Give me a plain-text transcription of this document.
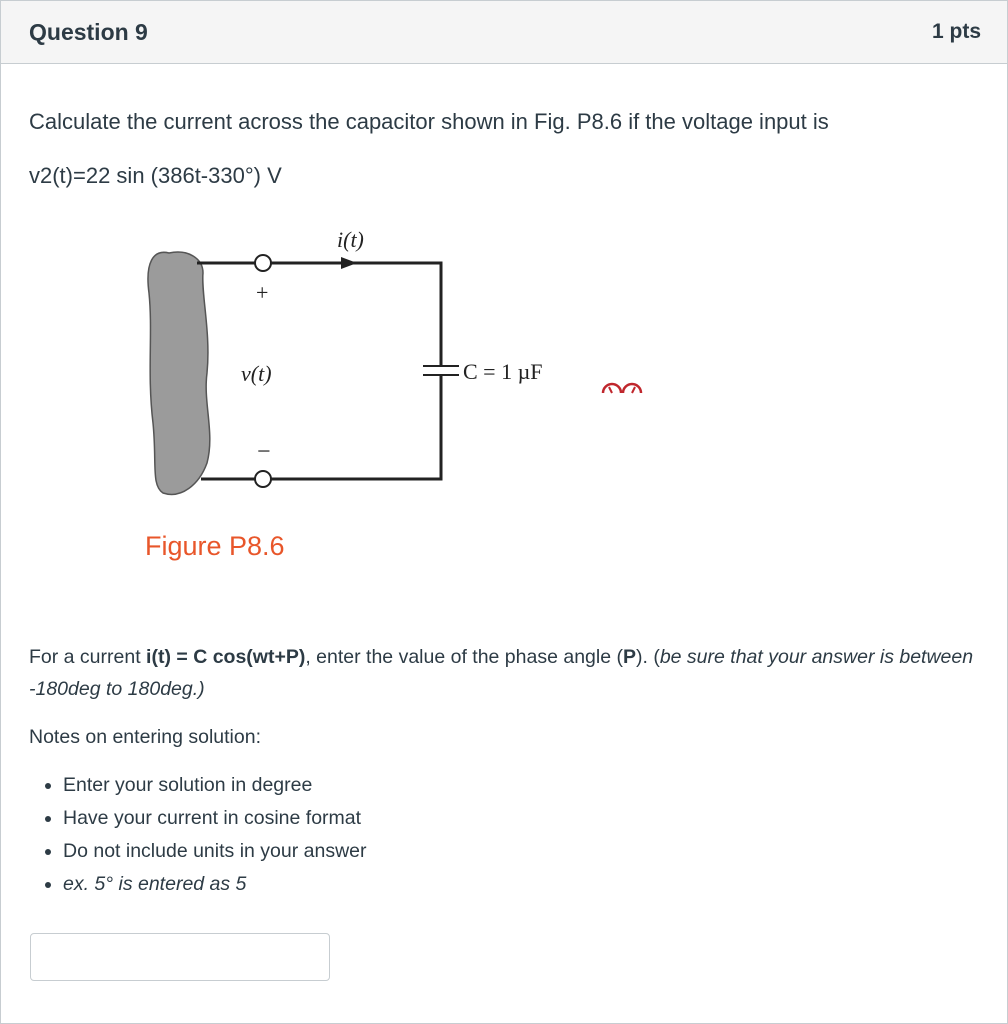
Question 9	1 pts
Calculate the current across the capacitor shown in Fig. P8.6 if the voltage input is
v2(t)=22 sin (386t-330°) V
i(t)
+
v(t)
−
C = 1 µF
Figure P8.6
For a current i(t) = C cos(wt+P), enter the value of the phase angle (P). (be sure that your answer is between -180deg to 180deg.)
Notes on entering solution:
• Enter your solution in degree
• Have your current in cosine format
• Do not include units in your answer
• ex. 5° is entered as 5
